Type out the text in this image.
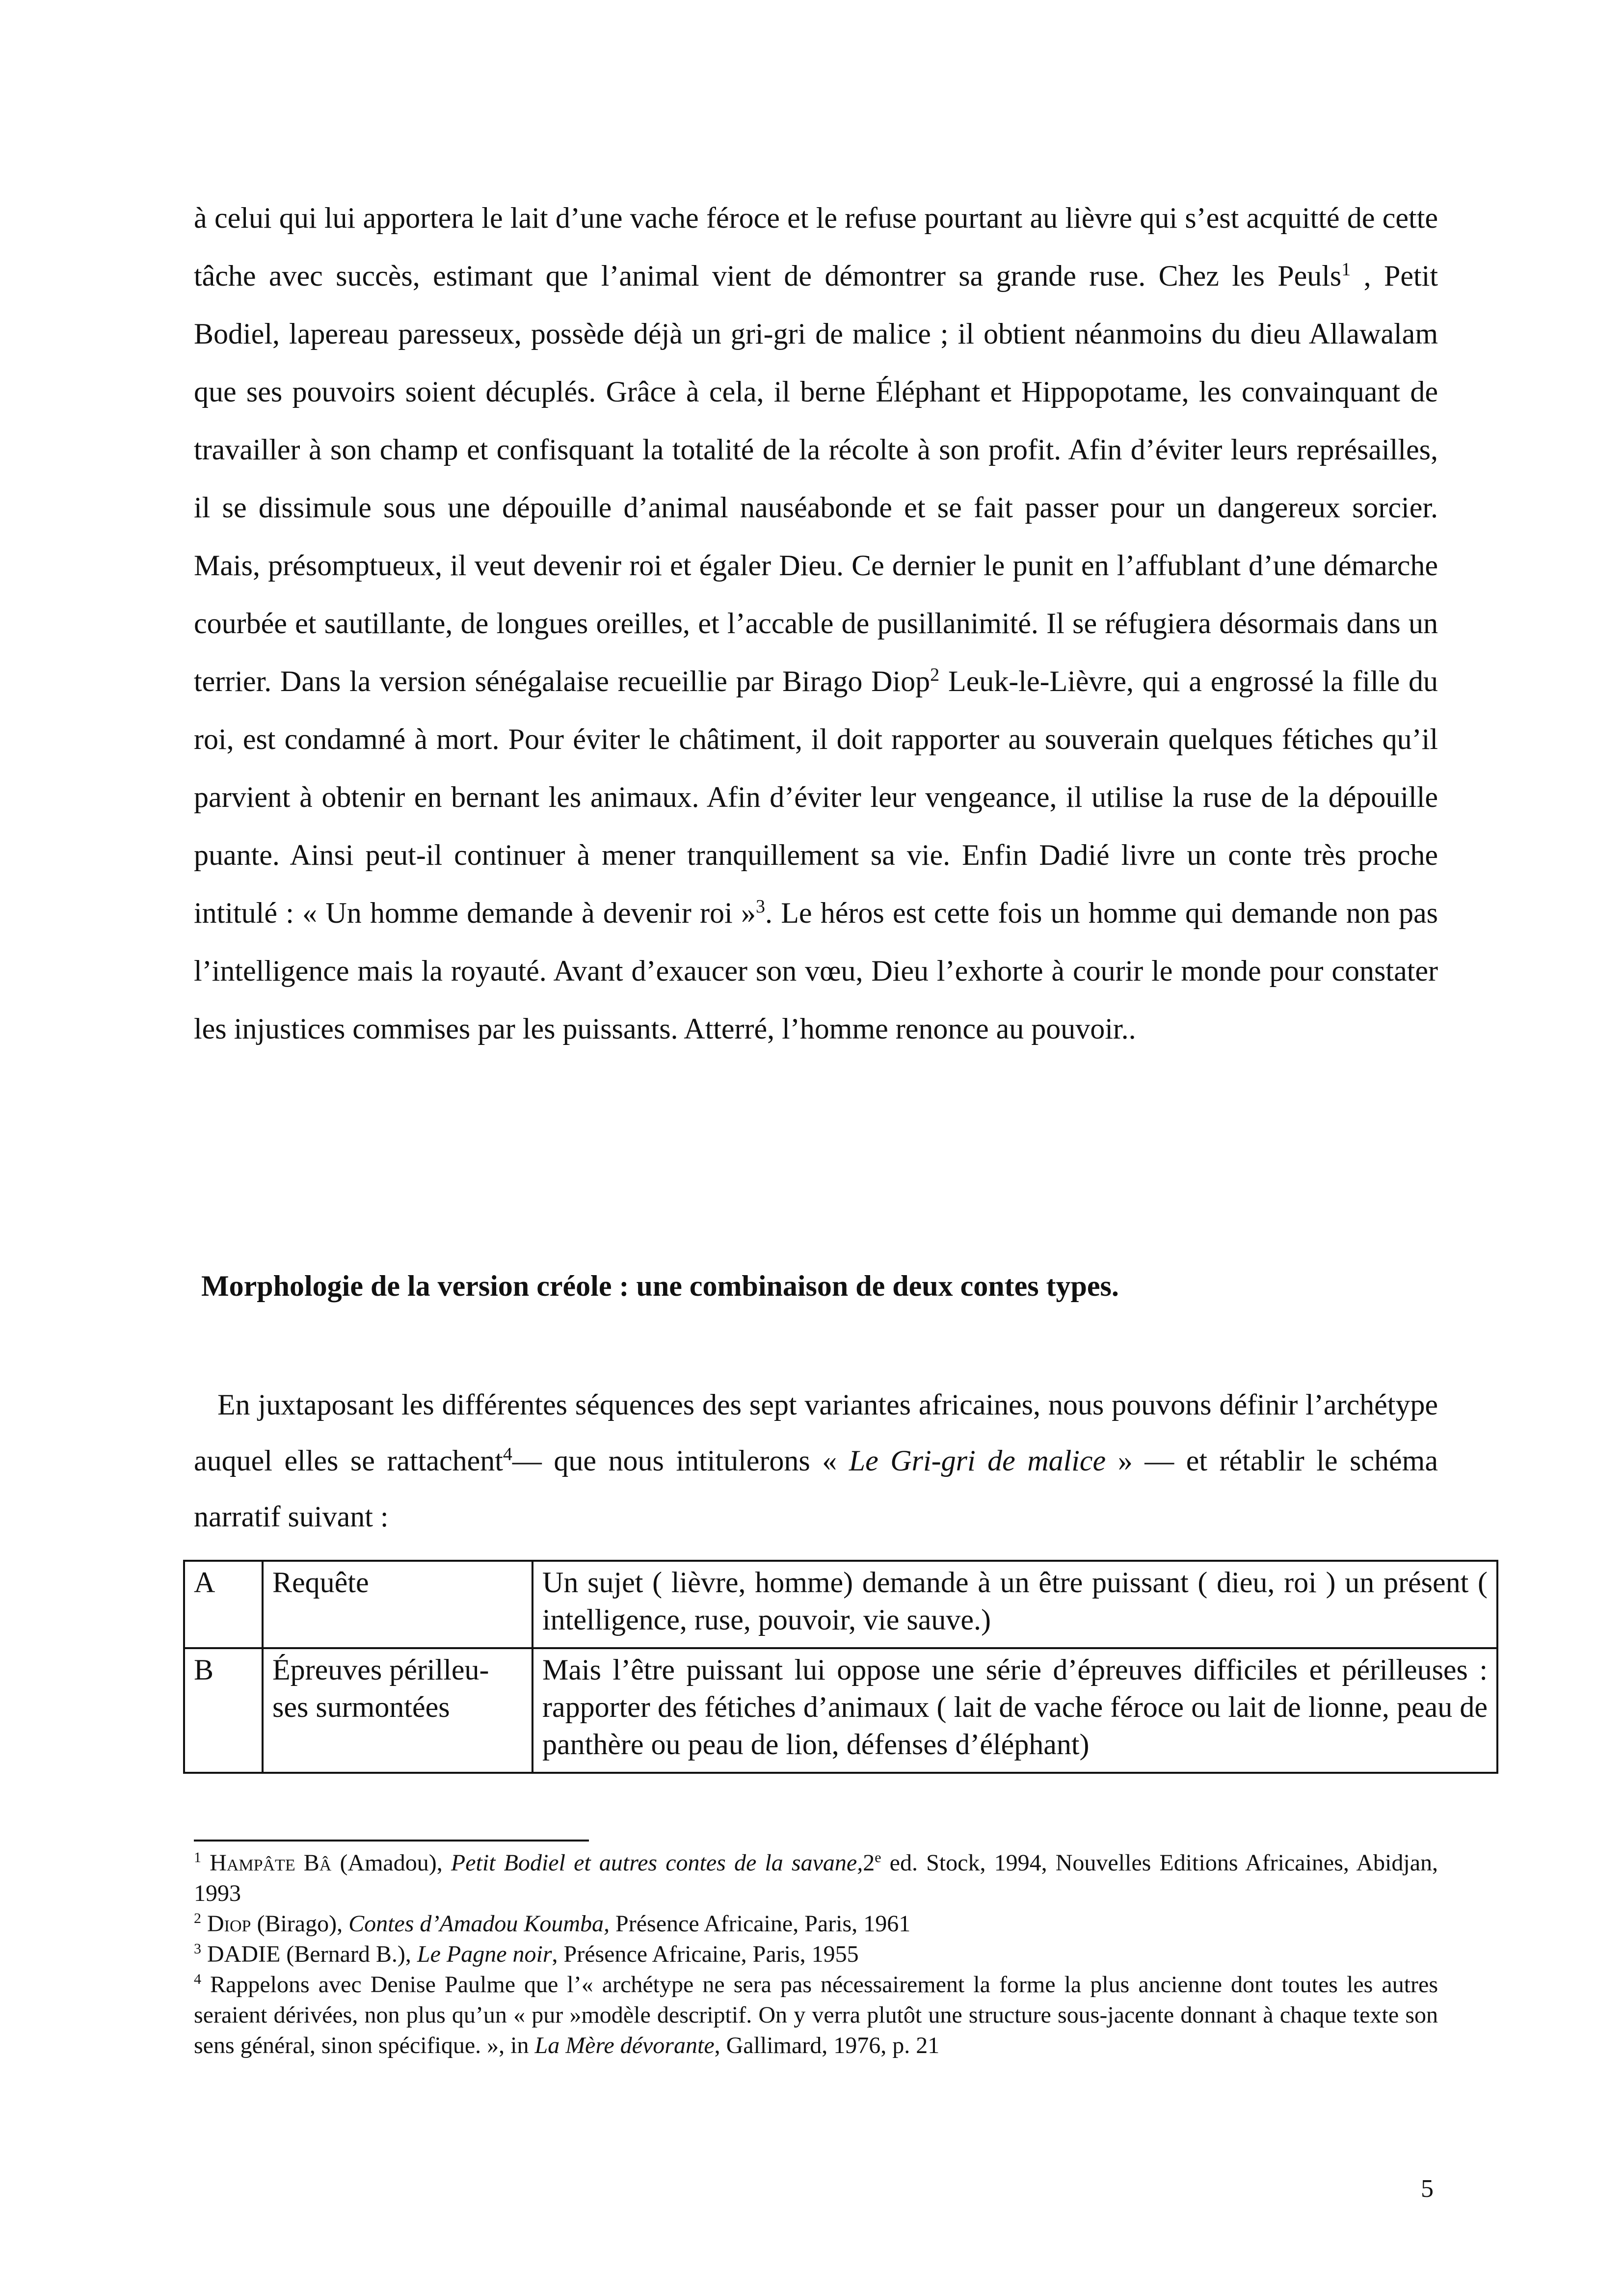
à celui qui lui apportera le lait d’une vache féroce et le refuse pourtant au lièvre qui s’est acquitté de cette tâche avec succès, estimant que l’animal vient de démontrer sa grande ruse. Chez les Peuls$^1$ , Petit Bodiel, lapereau paresseux, possède déjà un gri-gri de malice ; il obtient néanmoins du dieu Allawalam que ses pouvoirs soient décuplés. Grâce à cela, il berne Éléphant et Hippopotame, les convainquant de travailler à son champ et confisquant la totalité de la récolte à son profit. Afin d’éviter leurs représailles, il se dissimule sous une dépouille d’animal nauséabonde et se fait passer pour un dangereux sorcier. Mais, présomptueux, il veut devenir roi et égaler Dieu. Ce dernier le punit en l’affublant d’une démarche courbée et sautillante, de longues oreilles, et l’accable de pusillanimité. Il se réfugiera désormais dans un terrier. Dans la version sénégalaise recueillie par Birago Diop$^2$ Leuk-le-Lièvre, qui a engrossé la fille du roi, est condamné à mort. Pour éviter le châtiment, il doit rapporter au souverain quelques fétiches qu’il parvient à obtenir en bernant les animaux. Afin d’éviter leur vengeance, il utilise la ruse de la dépouille puante. Ainsi peut-il continuer à mener tranquillement sa vie. Enfin Dadié livre un conte très proche intitulé : « Un homme demande à devenir roi »$^3$. Le héros est cette fois un homme qui demande non pas l’intelligence mais la royauté. Avant d’exaucer son vœu, Dieu l’exhorte à courir le monde pour constater les injustices commises par les puissants. Atterré, l’homme renonce au pouvoir..

Morphologie de la version créole : une combinaison de deux contes types.

En juxtaposant les différentes séquences des sept variantes africaines, nous pouvons définir l’archétype auquel elles se rattachent$^4$— que nous intitulerons « Le Gri-gri de malice » — et rétablir le schéma narratif suivant :

A	Requête	Un sujet ( lièvre, homme) demande à un être puissant ( dieu, roi ) un présent ( intelligence, ruse, pouvoir, vie sauve.)
B	Épreuves périlleu-ses surmontées	Mais l’être puissant lui oppose une série d’épreuves difficiles et périlleuses : rapporter des fétiches d’animaux ( lait de vache féroce ou lait de lionne, peau de panthère ou peau de lion, défenses d’éléphant)

$^1$ Hampâte Bâ (Amadou), Petit Bodiel et autres contes de la savane,2e ed. Stock, 1994, Nouvelles Editions Africaines, Abidjan, 1993

$^2$ Diop (Birago), Contes d’Amadou Koumba, Présence Africaine, Paris, 1961

$^3$ DADIE (Bernard B.), Le Pagne noir, Présence Africaine, Paris, 1955

$^4$ Rappelons avec Denise Paulme que l’« archétype ne sera pas nécessairement la forme la plus ancienne dont toutes les autres seraient dérivées, non plus qu’un « pur »modèle descriptif. On y verra plutôt une structure sous-jacente donnant à chaque texte son sens général, sinon spécifique. », in La Mère dévorante, Gallimard, 1976, p. 21

5
